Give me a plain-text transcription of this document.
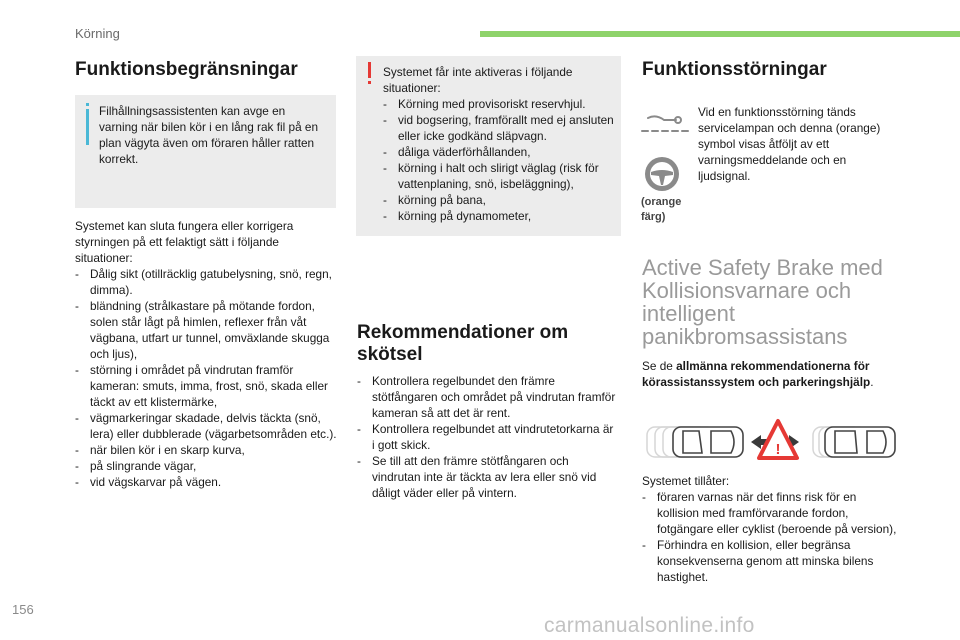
Körning
Funktionsbegränsningar
Filhållningsassistenten kan avge en varning när bilen kör i en lång rak fil på en plan vägyta även om föraren håller ratten korrekt.

Systemet kan sluta fungera eller korrigera styrningen på ett felaktigt sätt i följande situationer:

- Dålig sikt (otillräcklig gatubelysning, snö, regn, dimma).
- bländning (strålkastare på mötande fordon, solen står lågt på himlen, reflexer från våt vägbana, utfart ur tunnel, omväxlande skugga och ljus),
- störning i området på vindrutan framför kameran: smuts, imma, frost, snö, skada eller täckt av ett klistermärke,
- vägmarkeringar skadade, delvis täckta (snö, lera) eller dubblerade (vägarbetsområden etc.).
- när bilen kör i en skarp kurva,
- på slingrande vägar,
- vid vägskarvar på vägen.

Systemet får inte aktiveras i följande situationer:

- Körning med provisoriskt reservhjul.
- vid bogsering, framförallt med ej ansluten eller icke godkänd släpvagn.
- dåliga väderförhållanden,
- körning i halt och slirigt väglag (risk för vattenplaning, snö, isbeläggning),
- körning på bana,
- körning på dynamometer,
Rekommendationer om skötsel
- Kontrollera regelbundet den främre stötfångaren och området på vindrutan framför kameran så att det är rent.
- Kontrollera regelbundet att vindrutetorkarna är i gott skick.
- Se till att den främre stötfångaren och vindrutan inte är täckta av lera eller snö vid dåligt väder eller på vintern.
Funktionsstörningar
(orange
färg)
Vid en funktionsstörning tänds servicelampan och denna (orange) symbol visas åtföljt av ett varningsmeddelande och en ljudsignal.
Active Safety Brake med Kollisionsvarnare och intelligent panikbromsassistans
Se de allmänna rekommendationerna för körassistanssystem och parkeringshjälp.
!

Systemet tillåter:

- föraren varnas när det finns risk för en kollision med framförvarande fordon, fotgängare eller cyklist (beroende på version),
- Förhindra en kollision, eller begränsa konsekvenserna genom att minska bilens hastighet.
156
carmanualsonline.info
